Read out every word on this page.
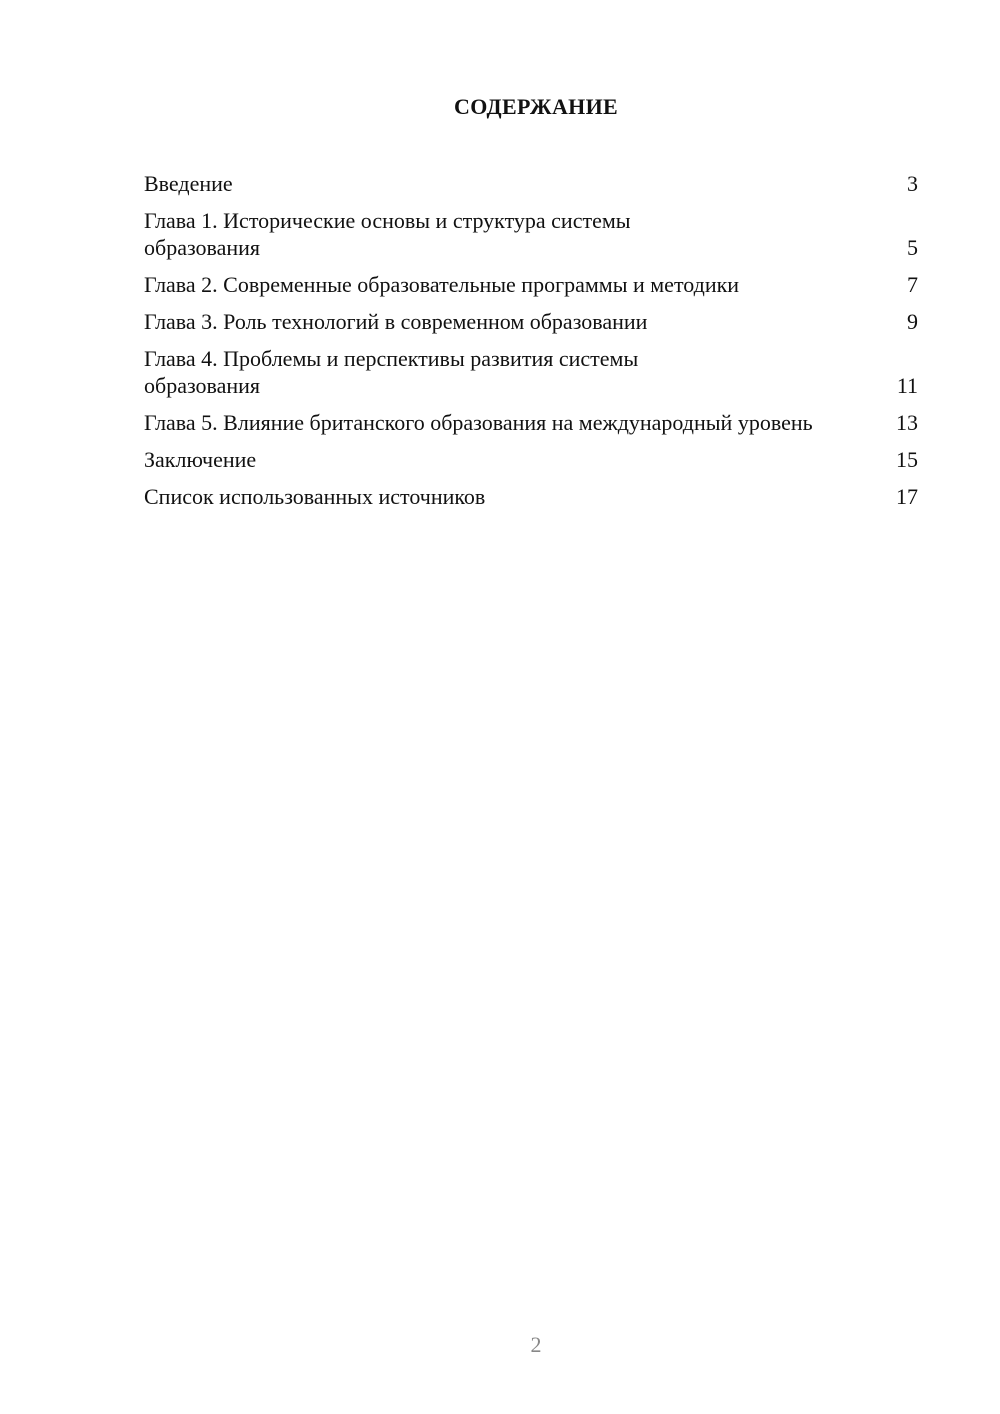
СОДЕРЖАНИЕ
Введение	3
Глава 1. Исторические основы и структура системы образования	5
Глава 2. Современные образовательные программы и методики	7
Глава 3. Роль технологий в современном образовании	9
Глава 4. Проблемы и перспективы развития системы образования	11
Глава 5. Влияние британского образования на международный уровень	13
Заключение	15
Список использованных источников	17
2
